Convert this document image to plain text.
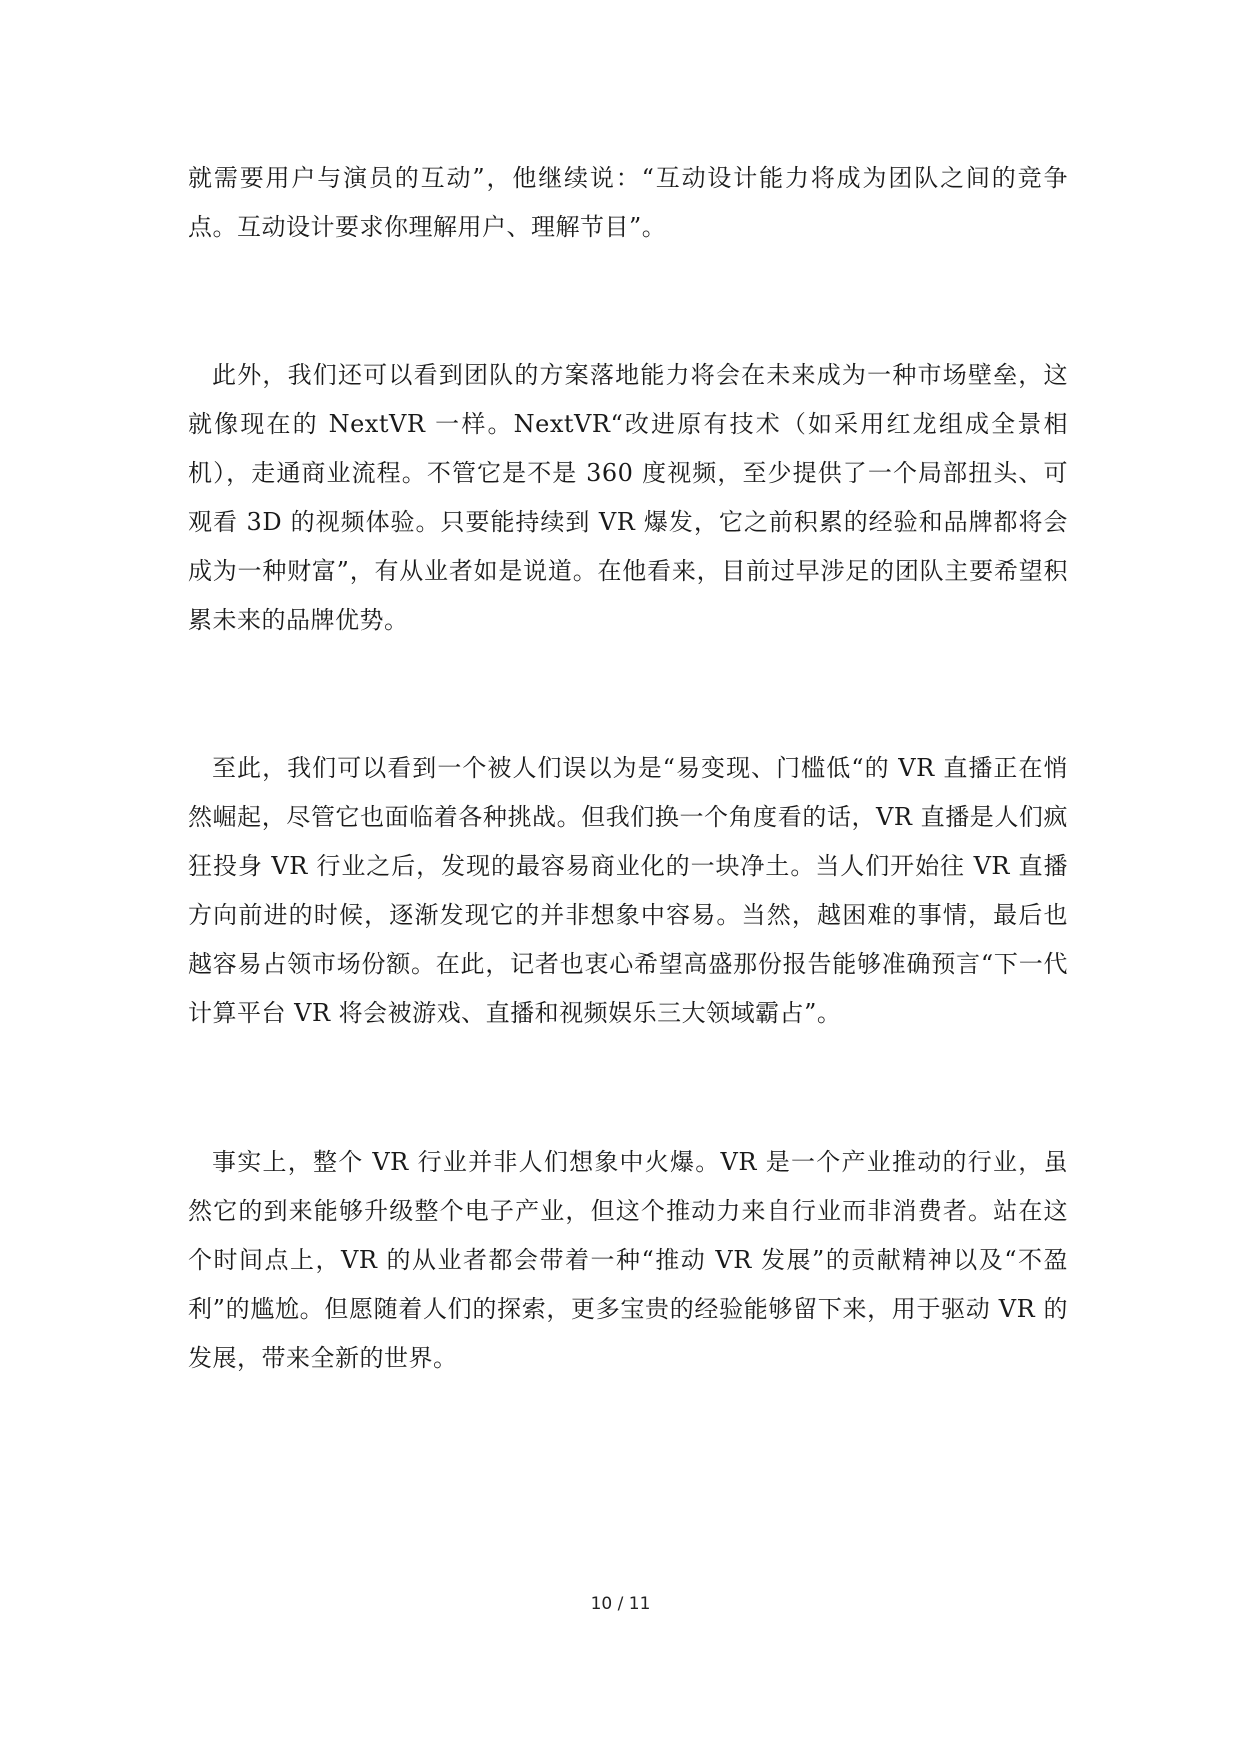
就需要用户与演员的互动”，他继续说：“互动设计能力将成为团队之间的竞争点。互动设计要求你理解用户、理解节目”。

此外，我们还可以看到团队的方案落地能力将会在未来成为一种市场壁垒，这就像现在的 NextVR 一样。NextVR“改进原有技术（如采用红龙组成全景相机），走通商业流程。不管它是不是 360 度视频，至少提供了一个局部扭头、可观看 3D 的视频体验。只要能持续到 VR 爆发，它之前积累的经验和品牌都将会成为一种财富”，有从业者如是说道。在他看来，目前过早涉足的团队主要希望积累未来的品牌优势。

至此，我们可以看到一个被人们误以为是“易变现、门槛低“的 VR 直播正在悄然崛起，尽管它也面临着各种挑战。但我们换一个角度看的话，VR 直播是人们疯狂投身 VR 行业之后，发现的最容易商业化的一块净土。当人们开始往 VR 直播方向前进的时候，逐渐发现它的并非想象中容易。当然，越困难的事情，最后也越容易占领市场份额。在此，记者也衷心希望高盛那份报告能够准确预言“下一代计算平台 VR 将会被游戏、直播和视频娱乐三大领域霸占”。

事实上，整个 VR 行业并非人们想象中火爆。VR 是一个产业推动的行业，虽然它的到来能够升级整个电子产业，但这个推动力来自行业而非消费者。站在这个时间点上，VR 的从业者都会带着一种“推动 VR 发展”的贡献精神以及“不盈利”的尴尬。但愿随着人们的探索，更多宝贵的经验能够留下来，用于驱动 VR 的发展，带来全新的世界。

10 / 11
